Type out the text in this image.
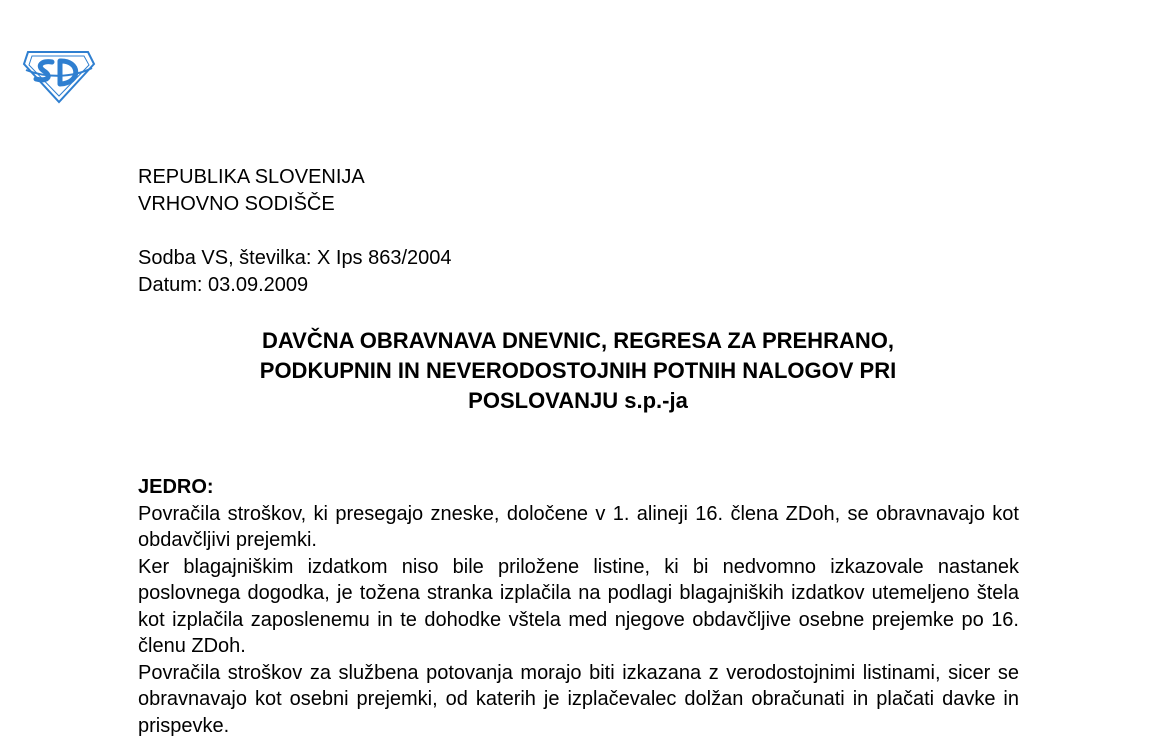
REPUBLIKA SLOVENIJA
VRHOVNO SODIŠČE
Sodba VS, številka: X Ips 863/2004
Datum: 03.09.2009
DAVČNA OBRAVNAVA DNEVNIC, REGRESA ZA PREHRANO,
PODKUPNIN IN NEVERODOSTOJNIH POTNIH NALOGOV PRI
POSLOVANJU s.p.-ja
JEDRO:

Povračila stroškov, ki presegajo zneske, določene v 1. alineji 16. člena ZDoh, se obravnavajo kot obdavčljivi prejemki.

Ker blagajniškim izdatkom niso bile priložene listine, ki bi nedvomno izkazovale nastanek poslovnega dogodka, je tožena stranka izplačila na podlagi blagajniških izdatkov utemeljeno štela kot izplačila zaposlenemu in te dohodke vštela med njegove obdavčljive osebne prejemke po 16. členu ZDoh.

Povračila stroškov za službena potovanja morajo biti izkazana z verodostojnimi listinami, sicer se obravnavajo kot osebni prejemki, od katerih je izplačevalec dolžan obračunati in plačati davke in prispevke.
